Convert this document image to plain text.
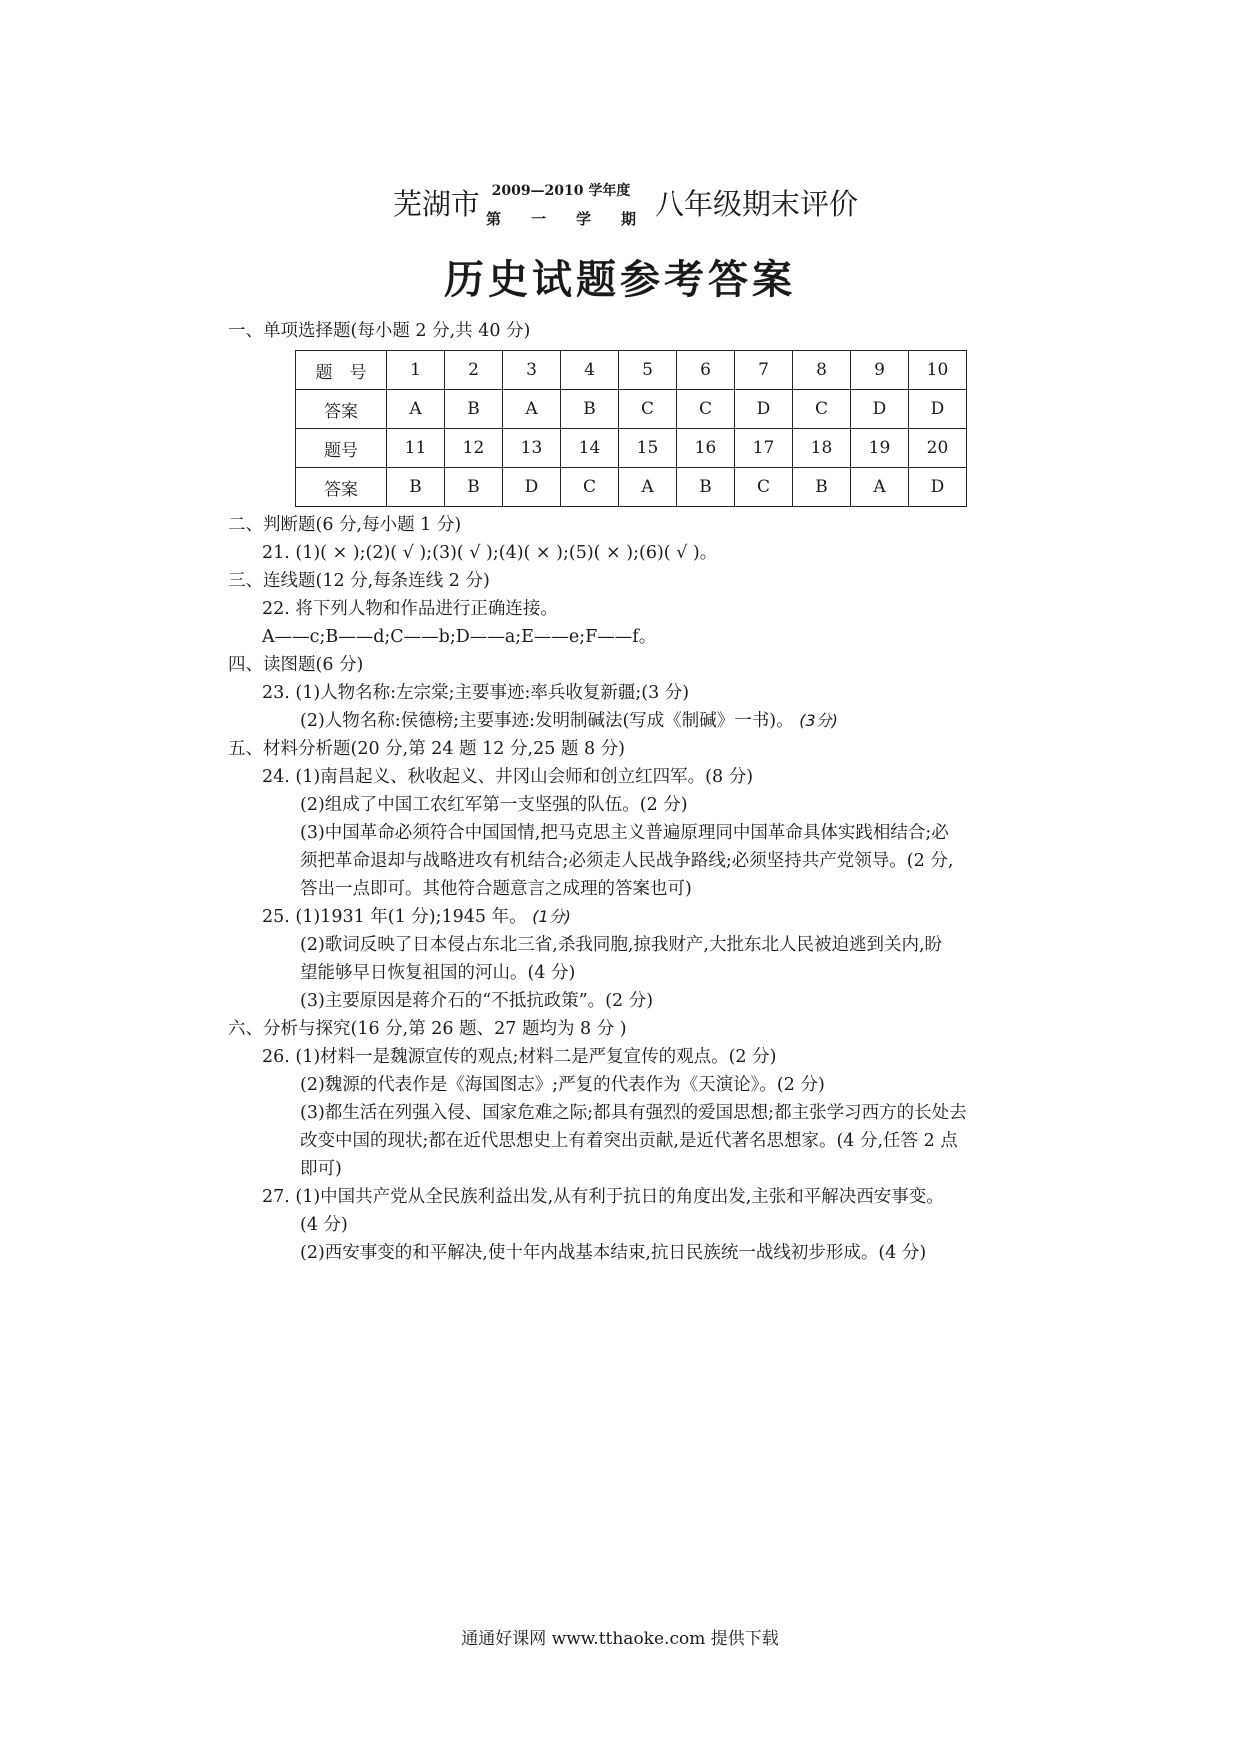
芜湖市 2009—2010 学年度
第 一 学 期 八年级期末评价
历史试题参考答案
一、单项选择题(每小题 2 分,共 40 分)
题　号	1	2	3	4	5	6	7	8	9	10
答案	A	B	A	B	C	C	D	C	D	D
题号	11	12	13	14	15	16	17	18	19	20
答案	B	B	D	C	A	B	C	B	A	D
二、判断题(6 分,每小题 1 分)
21. (1)( × );(2)( √ );(3)( √ );(4)( × );(5)( × );(6)( √ )。
三、连线题(12 分,每条连线 2 分)
22. 将下列人物和作品进行正确连接。
A——c;B——d;C——b;D——a;E——e;F——f。
四、读图题(6 分)
23. (1)人物名称:左宗棠;主要事迹:率兵收复新疆;(3 分)
(2)人物名称:侯德榜;主要事迹:发明制碱法(写成《制碱》一书)。 (3分)
五、材料分析题(20 分,第 24 题 12 分,25 题 8 分)
24. (1)南昌起义、秋收起义、井冈山会师和创立红四军。(8 分)
(2)组成了中国工农红军第一支坚强的队伍。(2 分)
(3)中国革命必须符合中国国情,把马克思主义普遍原理同中国革命具体实践相结合;必
须把革命退却与战略进攻有机结合;必须走人民战争路线;必须坚持共产党领导。(2 分,
答出一点即可。其他符合题意言之成理的答案也可)
25. (1)1931 年(1 分);1945 年。 (1分)
(2)歌词反映了日本侵占东北三省,杀我同胞,掠我财产,大批东北人民被迫逃到关内,盼
望能够早日恢复祖国的河山。(4 分)
(3)主要原因是蒋介石的“不抵抗政策”。(2 分)
六、分析与探究(16 分,第 26 题、27 题均为 8 分 )
26. (1)材料一是魏源宣传的观点;材料二是严复宣传的观点。(2 分)
(2)魏源的代表作是《海国图志》;严复的代表作为《天演论》。(2 分)
(3)都生活在列强入侵、国家危难之际;都具有强烈的爱国思想;都主张学习西方的长处去
改变中国的现状;都在近代思想史上有着突出贡献,是近代著名思想家。(4 分,任答 2 点
即可)
27. (1)中国共产党从全民族利益出发,从有利于抗日的角度出发,主张和平解决西安事变。
(4 分)
(2)西安事变的和平解决,使十年内战基本结束,抗日民族统一战线初步形成。(4 分)
通通好课网 www.tthaoke.com 提供下载
